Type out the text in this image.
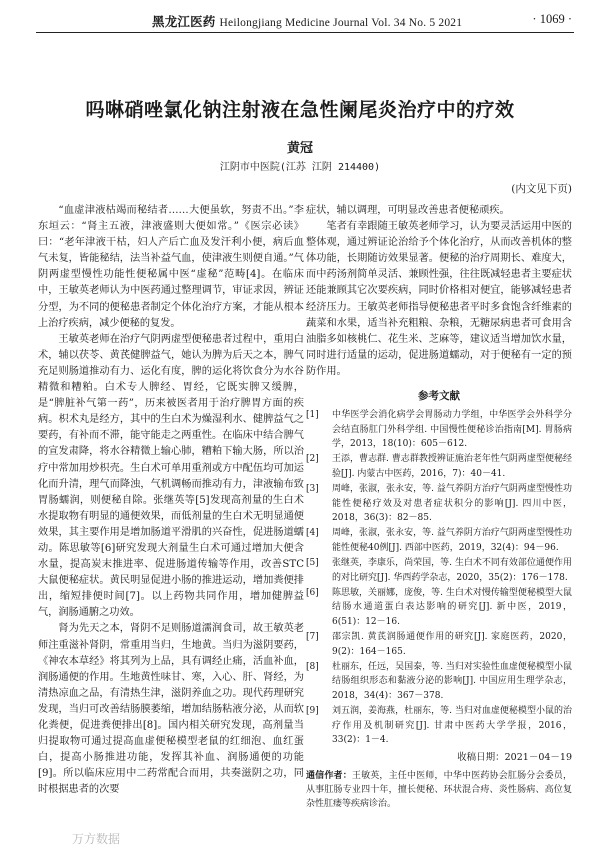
黑龙江医药 Heilongjiang Medicine Journal Vol. 34 No. 5 2021	· 1069 ·
吗啉硝唑氯化钠注射液在急性阑尾炎治疗中的疗效
黄冠
江阴市中医院(江苏 江阴 214400)
(内文见下页)

“血虚津液枯竭而秘结者……大便虽软，努责不出。”李东垣云：“肾主五液，津液盛则大便如常。”《医宗必读》曰：“老年津液干枯，妇人产后亡血及发汗利小便，病后血气未复，皆能秘结，法当补益气血，使津液生则便自通。”气阴两虚型慢性功能性便秘属中医“虚秘”范畴[4]。在临床中，王敏英老师认为中医药通过整理调节，审证求因，辨证分型，为不同的便秘患者制定个体化治疗方案，才能从根本上治疗疾病，减少便秘的复发。

王敏英老师在治疗气阴两虚型便秘患者过程中，重用白术，辅以茯苓、黄芪健脾益气，她认为脾为后天之本，脾气充足则肠道推动有力、运化有度，脾的运化将饮食分为水谷精微和糟粕。白术专人脾经、胃经，它既实脾又缓脾，是“脾脏补气第一药”，历来被医者用于治疗脾胃方面的疾病。枳术丸是经方，其中的生白术为燥湿利水、健脾益气之要药，有补而不滞，能守能走之两重性。在临床中结合脾气的宣发肃降，将水谷精微上输心肺，糟粕下输大肠，所以治疗中常加用炒枳壳。生白术可单用重剂或方中配伍均可加运化而升清，理气而降浊，气机调畅而推动有力，津液输布致胃肠蠕润，则便秘自除。张继英等[5]发现高剂量的生白术水提取物有明显的通便效果，而低剂量的生白术无明显通便效果，其主要作用是增加肠道平滑肌的兴奋性，促进肠道蠕动。陈思敏等[6]研究发现大剂量生白术可通过增加大便含水量，提高炭末推进率、促进肠道传输等作用，改善STC大鼠便秘症状。黄民明显促进小肠的推进运动，增加粪便排出，缩短排便时间[7]。以上药物共同作用，增加健脾益气，润肠通腑之功效。

肾为先天之本，肾阴不足则肠道濡润食司，故王敏英老师注重滋补肾阴，常重用当归，生地黄。当归为滋阴要药，《神农本草经》将其列为上品，具有调经止痛，活血补血，润肠通便的作用。生地黄性味甘、寒，入心、肝、肾经，为清热凉血之品，有清热生津，滋阴养血之功。现代药理研究发现，当归可改善结肠膜萎缩，增加结肠粘液分泌，从而软化粪便，促进粪便排出[8]。国内相关研究发现，高剂量当归提取物可通过提高血虚便秘模型老鼠的红细泡、血红蛋白，提高小肠推进功能，发挥其补血、润肠通便的功能[9]。所以临床应用中二药常配合而用，共奏滋阴之功，同时根据患者的次要

症状，辅以调理，可明显改善患者便秘顽疾。

笔者有幸跟随王敏英老师学习，认为要灵活运用中医的整体观，通过辨证论治给予个体化治疗，从而改善机体的整体功能，长期随访效果显著。便秘的治疗周期长、难度大，而中药汤剂简单灵活、兼顾性强，往往既减轻患者主要症状还能兼顾其它次要疾病，同时价格相对便宜，能够减轻患者经济压力。王敏英老师指导便秘患者平时多食饱含纤维素的蔬菜和水果，适当补充粗粮、杂粮，无糖尿病患者可食用含油脂多如核桃仁、花生米、芝麻等，建议适当增加饮水量，同时进行适量的运动，促进肠道蠕动，对于便秘有一定的预防作用。

参考文献
[1]	中华医学会消化病学会胃肠动力学组，中华医学会外科学分会结直肠肛门外科学组. 中国慢性便秘诊治指南[M]. 胃肠病学，2013，18(10)：605－612.
[2]	王添，曹志群. 曹志群教授辨证施治老年性气阴两虚型便秘经验[J]. 内蒙古中医药，2016，7)：40－41.
[3]	周峰，张淑，张永安，等. 益气养阴方治疗气阴两虚型慢性功能性便秘疗效及对患者症状积分的影响[J]. 四川中医，2018，36(3)：82－85.
[4]	周峰，张淑，张永安，等. 益气养阴方治疗气阴两虚型慢性功能性便秘40例[J]. 西部中医药，2019，32(4)：94－96.
[5]	张继英，李康乐，尚荣国，等. 生白术不同有效部位通便作用的对比研究[J]. 华西药学杂志，2020，35(2)：176－178.
[6]	陈思敏，关丽娜，庞俊，等. 生白术对慢传输型便秘模型大鼠结肠水通道蛋白表达影响的研究[J]. 新中医，2019，6(51)：12－16.
[7]	邵宗凯. 黄芪润肠通便作用的研究[J]. 家庭医药，2020，9(2)：164－165.
[8]	杜丽东，任远，吴国泰，等. 当归对实验性血虚便秘模型小鼠结肠组织形态和黏液分泌的影响[J]. 中国应用生理学杂志，2018，34(4)：367－378.
[9]	刘五润，姜海燕，杜丽东，等. 当归对血虚便秘模型小鼠的治疗作用及机制研究[J]. 甘肃中医药大学学报，2016，33(2)：1－4.
收稿日期：2021－04－19
通信作者：王敏英，主任中医师，中华中医药协会肛肠分会委员，从事肛肠专业四十年，擅长便秘、环状混合痔、炎性肠病、高位复杂性肛瘘等疾病诊治。
万方数据
